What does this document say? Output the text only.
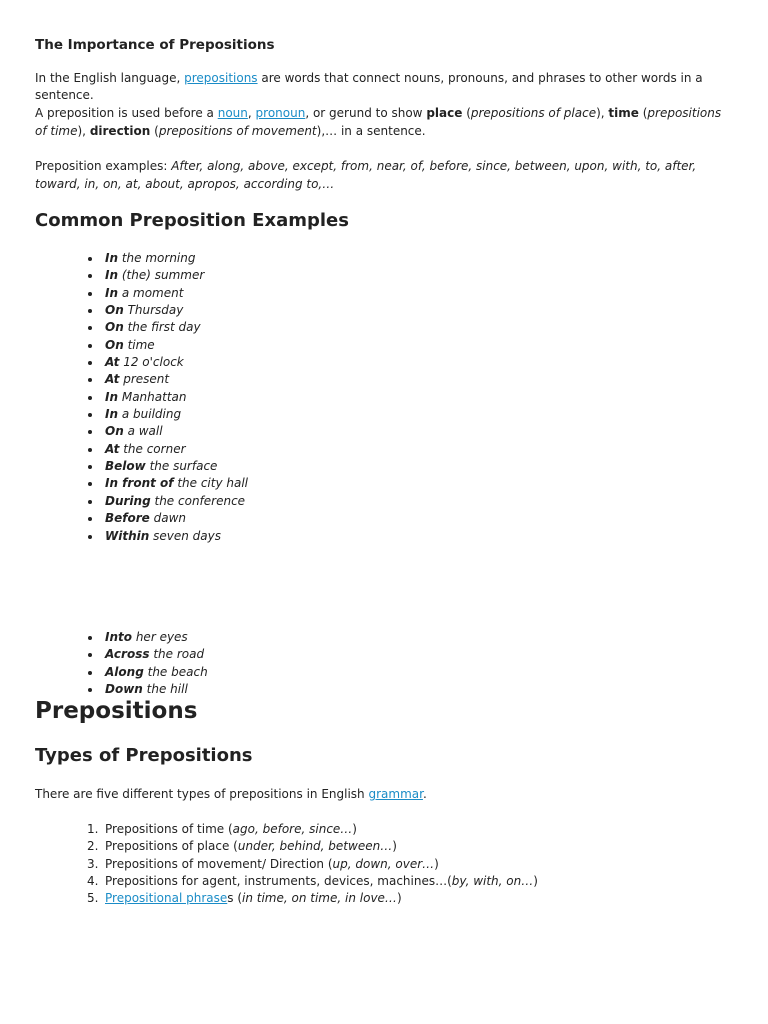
The Importance of Prepositions

In the English language, prepositions are words that connect nouns, pronouns, and phrases to other words in a sentence.

A preposition is used before a noun, pronoun, or gerund to show place (prepositions of place), time (prepositions of time), direction (prepositions of movement),… in a sentence.

Preposition examples: After, along, above, except, from, near, of, before, since, between, upon, with, to, after, toward, in, on, at, about, apropos, according to,…

Common Preposition Examples
In the morning
In (the) summer
In a moment
On Thursday
On the first day
On time
At 12 o'clock
At present
In Manhattan
In a building
On a wall
At the corner
Below the surface
In front of the city hall
During the conference
Before dawn
Within seven days
Into her eyes
Across the road
Along the beach
Down the hill
Prepositions
Types of Prepositions

There are five different types of prepositions in English grammar.

1. Prepositions of time (ago, before, since…)
2. Prepositions of place (under, behind, between…)
3. Prepositions of movement/ Direction (up, down, over…)
4. Prepositions for agent, instruments, devices, machines…(by, with, on…)
5. Prepositional phrases (in time, on time, in love…)
